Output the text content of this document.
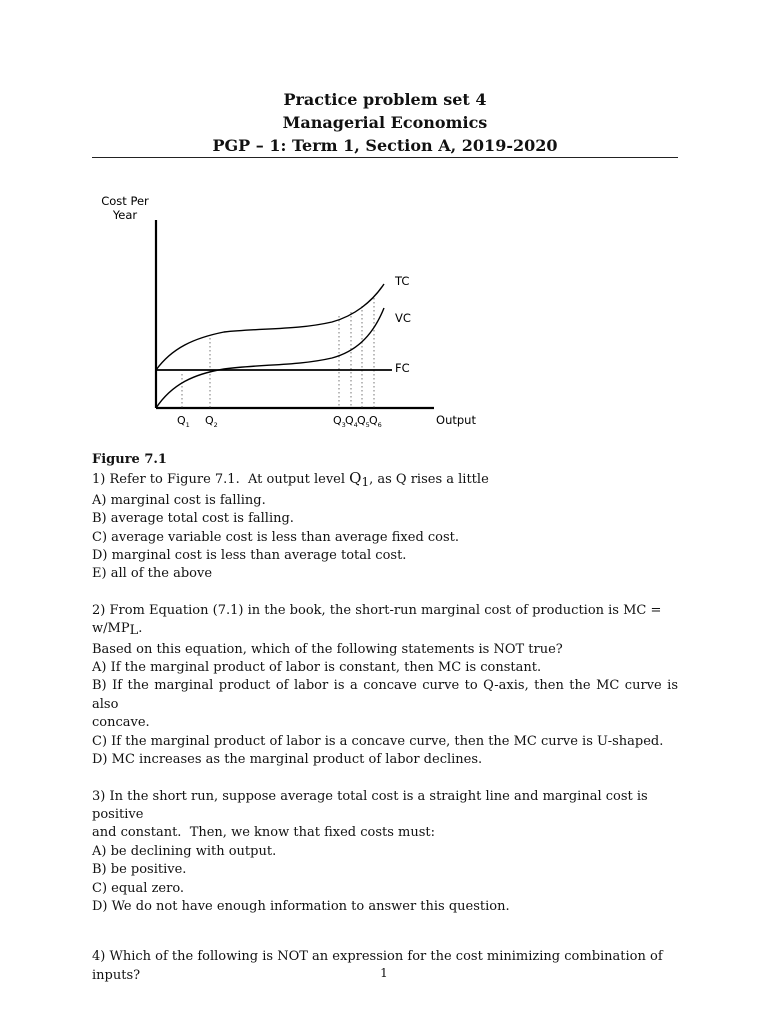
Practice problem set 4
Managerial Economics
PGP – 1: Term 1, Section A, 2019-2020
Cost Per
Year
Output
TC
VC
FC
$Q_1$ $Q_2$	$Q_3$ $Q_4$ $Q_5$ $Q_6$
Figure 7.1
1) Refer to Figure 7.1.  At output level Q1, as Q rises a little
A) marginal cost is falling.
B) average total cost is falling.
C) average variable cost is less than average fixed cost.
D) marginal cost is less than average total cost.
E) all of the above
2) From Equation (7.1) in the book, the short-run marginal cost of production is MC = w/MPL.
Based on this equation, which of the following statements is NOT true?
A) If the marginal product of labor is constant, then MC is constant.
B) If the marginal product of labor is a concave curve to Q-axis, then the MC curve is also
concave.
C) If the marginal product of labor is a concave curve, then the MC curve is U-shaped.
D) MC increases as the marginal product of labor declines.
3) In the short run, suppose average total cost is a straight line and marginal cost is positive
and constant.  Then, we know that fixed costs must:
A) be declining with output.
B) be positive.
C) equal zero.
D) We do not have enough information to answer this question.
4) Which of the following is NOT an expression for the cost minimizing combination of
inputs?	1
